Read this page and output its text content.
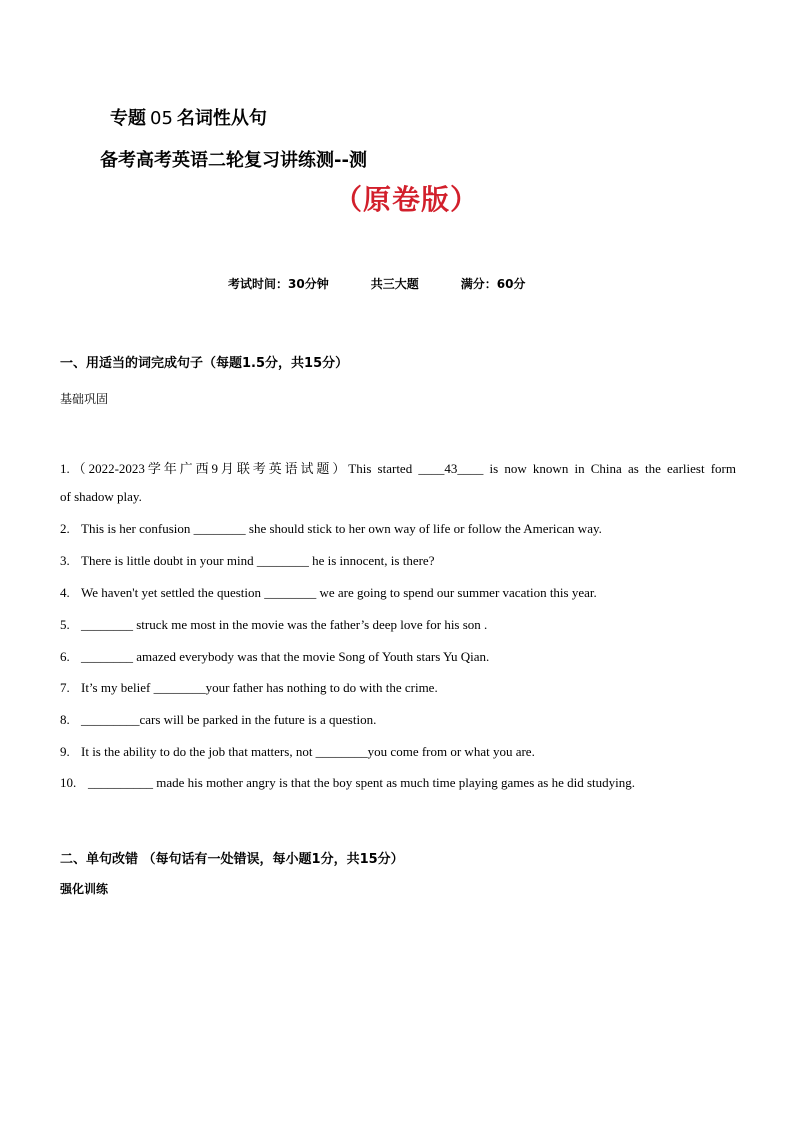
专题 05 名词性从句
备考高考英语二轮复习讲练测--测
（原卷版）
考试时间：30分钟	共三大题	满分：60分
一、用适当的词完成句子（每题1.5分，共15分）
基础巩固
1.（2022-2023学年广西9月联考英语试题）This started ____43____ is now known in China as the earliest form
of shadow play.
2. This is her confusion ________ she should stick to her own way of life or follow the American way.
3. There is little doubt in your mind ________ he is innocent, is there?
4. We haven't yet settled the question ________ we are going to spend our summer vacation this year.
5. ________ struck me most in the movie was the father’s deep love for his son .
6. ________ amazed everybody was that the movie Song of Youth stars Yu Qian.
7. It’s my belief ________your father has nothing to do with the crime.
8. _________cars will be parked in the future is a question.
9. It is the ability to do the job that matters, not ________you come from or what you are.
10. __________ made his mother angry is that the boy spent as much time playing games as he did studying.
二、单句改错 （每句话有一处错误，每小题1分，共15分）
强化训练
